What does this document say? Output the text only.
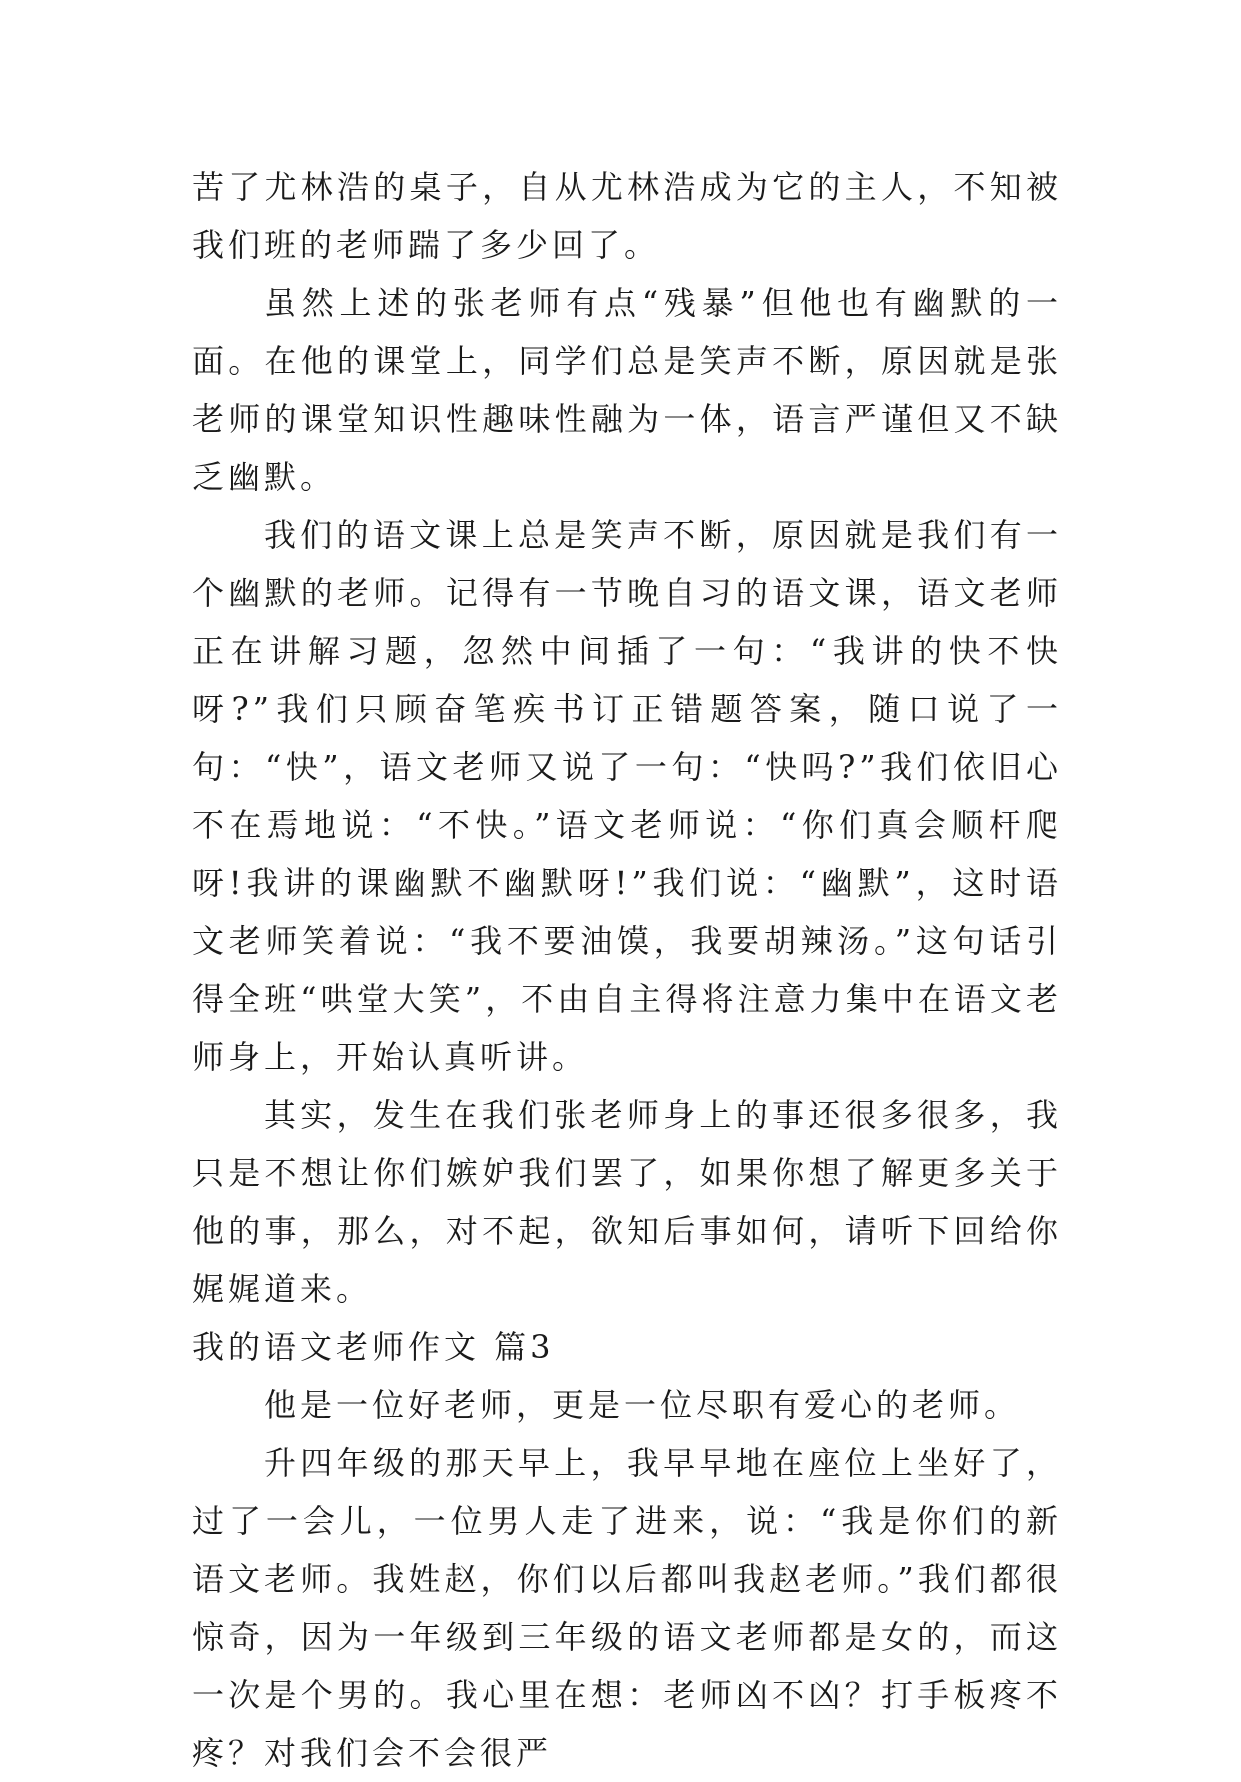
苦了尤林浩的桌子，自从尤林浩成为它的主人，不知被我们班的老师踹了多少回了。

虽然上述的张老师有点“残暴”但他也有幽默的一面。在他的课堂上，同学们总是笑声不断，原因就是张老师的课堂知识性趣味性融为一体，语言严谨但又不缺乏幽默。

我们的语文课上总是笑声不断，原因就是我们有一个幽默的老师。记得有一节晚自习的语文课，语文老师正在讲解习题，忽然中间插了一句：“我讲的快不快呀?”我们只顾奋笔疾书订正错题答案，随口说了一句：“快”，语文老师又说了一句：“快吗?”我们依旧心不在焉地说：“不快。”语文老师说：“你们真会顺杆爬呀!我讲的课幽默不幽默呀!”我们说：“幽默”，这时语文老师笑着说：“我不要油馍，我要胡辣汤。”这句话引得全班“哄堂大笑”，不由自主得将注意力集中在语文老师身上，开始认真听讲。

其实，发生在我们张老师身上的事还很多很多，我只是不想让你们嫉妒我们罢了，如果你想了解更多关于他的事，那么，对不起，欲知后事如何，请听下回给你娓娓道来。

我的语文老师作文 篇3

他是一位好老师，更是一位尽职有爱心的老师。

升四年级的那天早上，我早早地在座位上坐好了，过了一会儿，一位男人走了进来，说：“我是你们的新语文老师。我姓赵，你们以后都叫我赵老师。”我们都很惊奇，因为一年级到三年级的语文老师都是女的，而这一次是个男的。我心里在想：老师凶不凶？打手板疼不疼？对我们会不会很严
